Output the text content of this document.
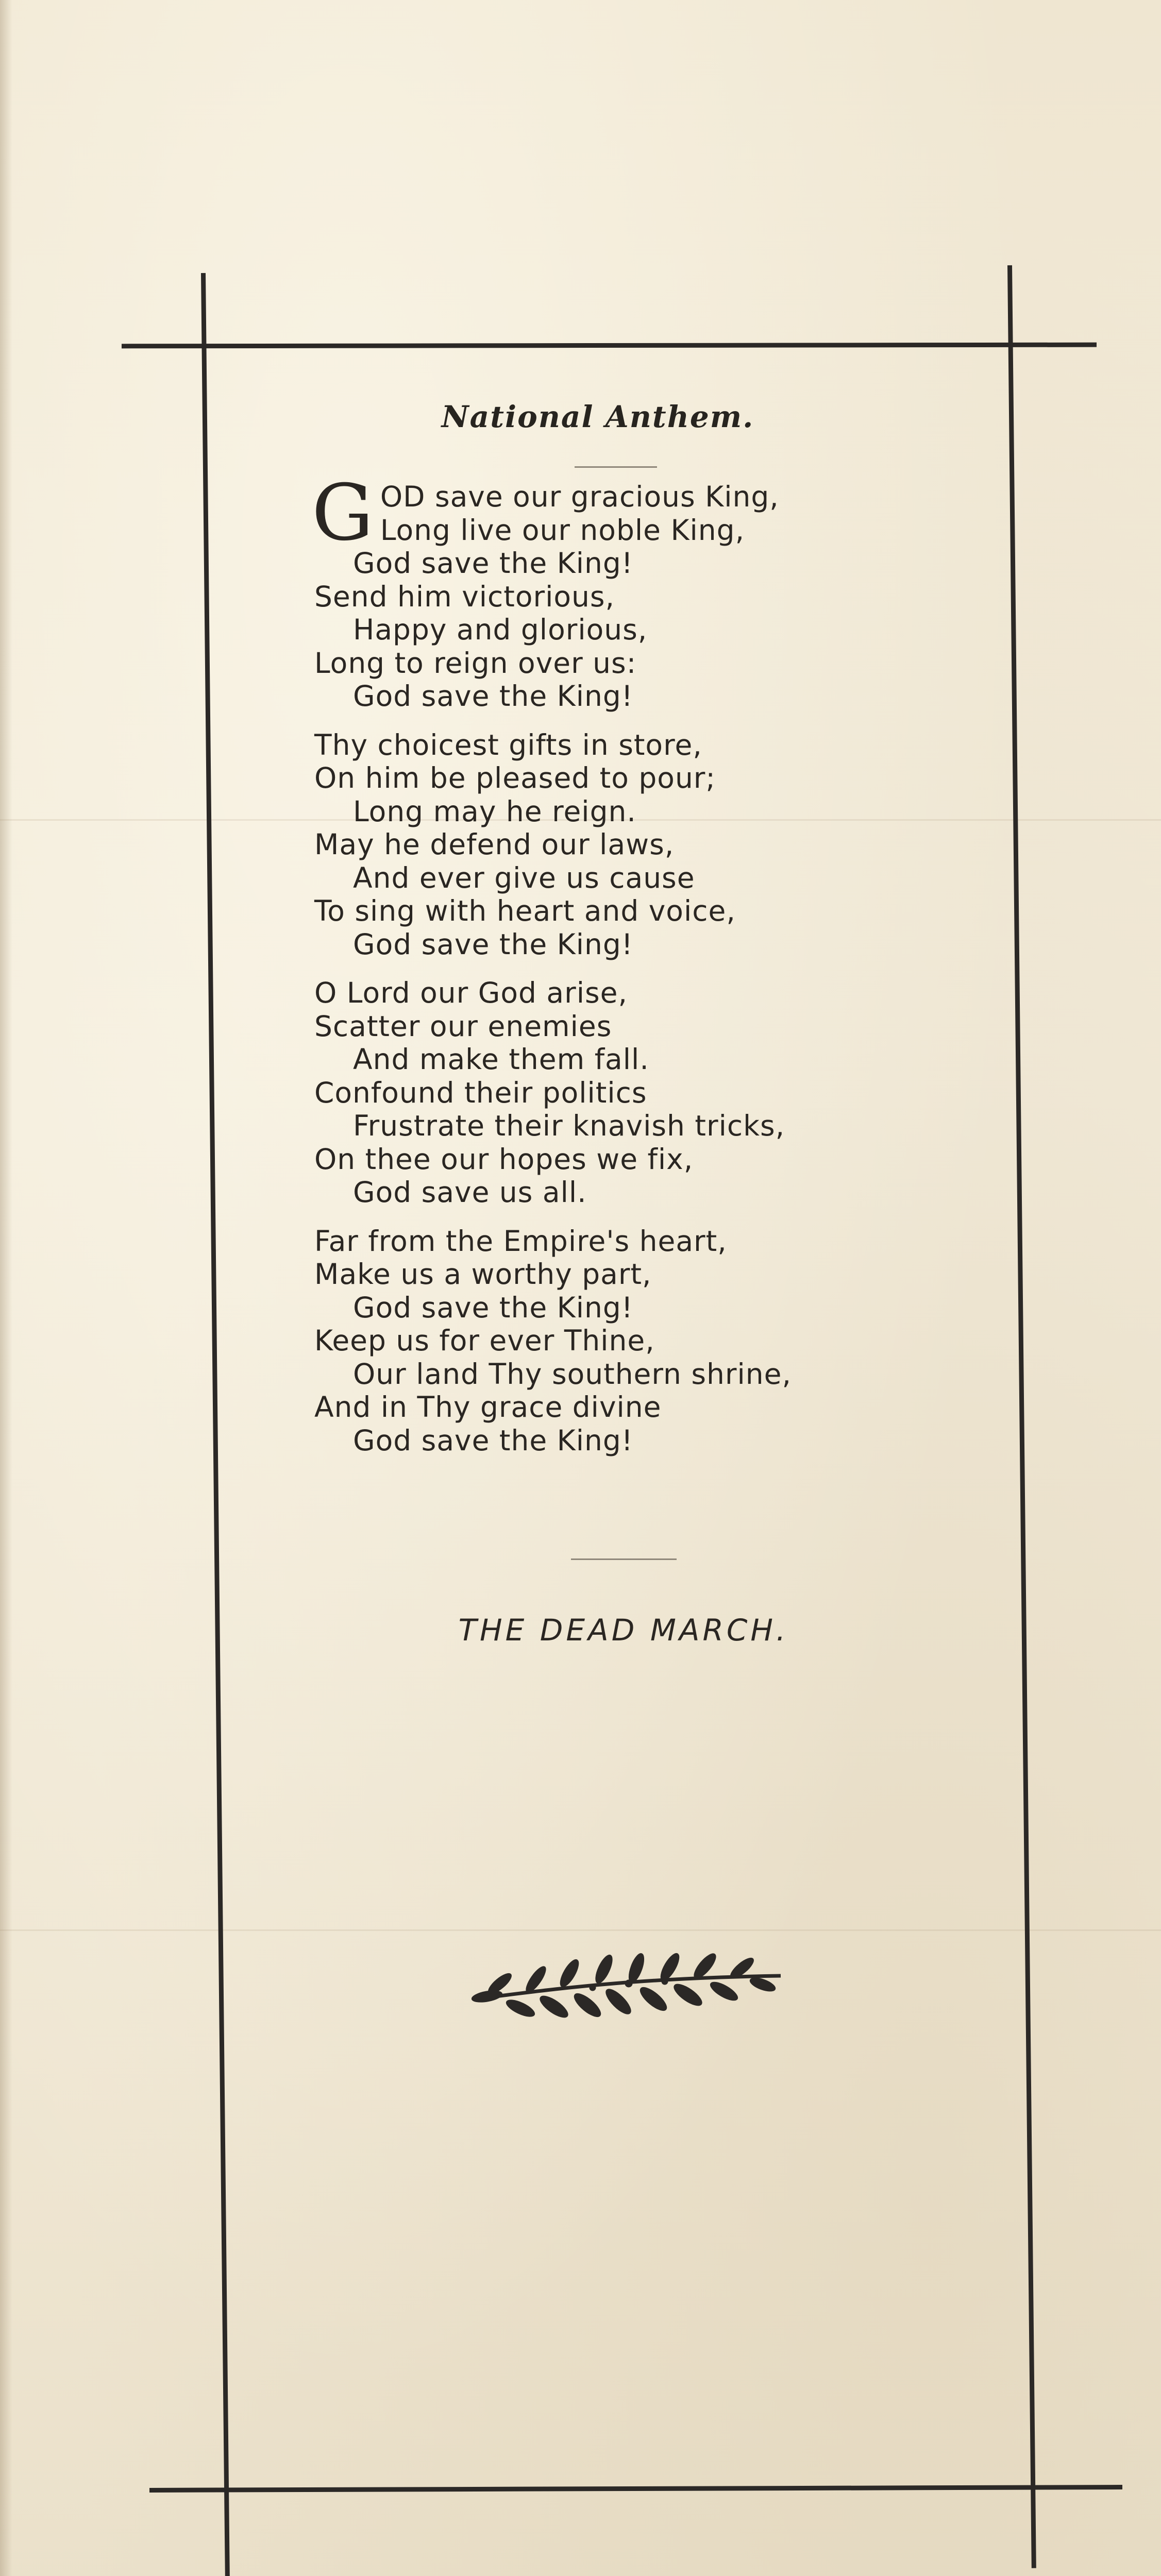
National Anthem.
GOD save our gracious King,
Long live our noble King,
God save the King!
Send him victorious,
Happy and glorious,
Long to reign over us:
God save the King!
Thy choicest gifts in store,
On him be pleased to pour;
Long may he reign.
May he defend our laws,
And ever give us cause
To sing with heart and voice,
God save the King!
O Lord our God arise,
Scatter our enemies
And make them fall.
Confound their politics
Frustrate their knavish tricks,
On thee our hopes we fix,
God save us all.
Far from the Empire's heart,
Make us a worthy part,
God save the King!
Keep us for ever Thine,
Our land Thy southern shrine,
And in Thy grace divine
God save the King!
THE DEAD MARCH.
